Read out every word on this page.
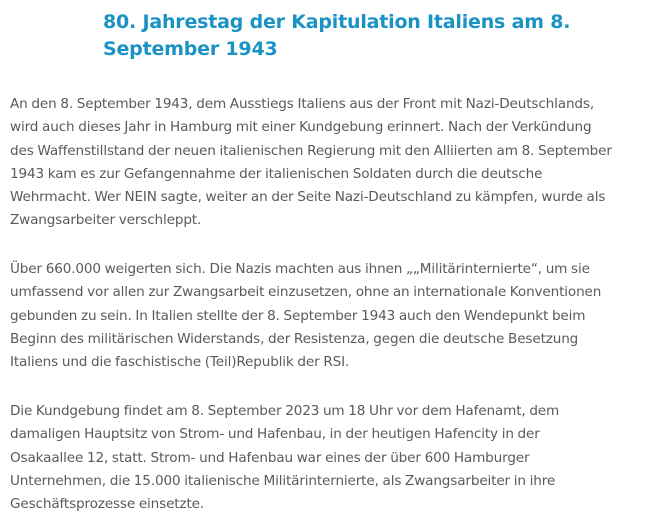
80. Jahrestag der Kapitulation Italiens am 8.
September 1943

An den 8. September 1943, dem Ausstiegs Italiens aus der Front mit Nazi-Deutschlands,
wird auch dieses Jahr in Hamburg mit einer Kundgebung erinnert. Nach der Verkündung
des Waffenstillstand der neuen italienischen Regierung mit den Alliierten am 8. September
1943 kam es zur Gefangennahme der italienischen Soldaten durch die deutsche
Wehrmacht. Wer NEIN sagte, weiter an der Seite Nazi-Deutschland zu kämpfen, wurde als
Zwangsarbeiter verschleppt.

Über 660.000 weigerten sich. Die Nazis machten aus ihnen „„Militärinternierte“, um sie
umfassend vor allen zur Zwangsarbeit einzusetzen, ohne an internationale Konventionen
gebunden zu sein. In Italien stellte der 8. September 1943 auch den Wendepunkt beim
Beginn des militärischen Widerstands, der Resistenza, gegen die deutsche Besetzung
Italiens und die faschistische (Teil)Republik der RSI.

Die Kundgebung findet am 8. September 2023 um 18 Uhr vor dem Hafenamt, dem
damaligen Hauptsitz von Strom- und Hafenbau, in der heutigen Hafencity in der
Osakaallee 12, statt. Strom- und Hafenbau war eines der über 600 Hamburger
Unternehmen, die 15.000 italienische Militärinternierte, als Zwangsarbeiter in ihre
Geschäftsprozesse einsetzte.
